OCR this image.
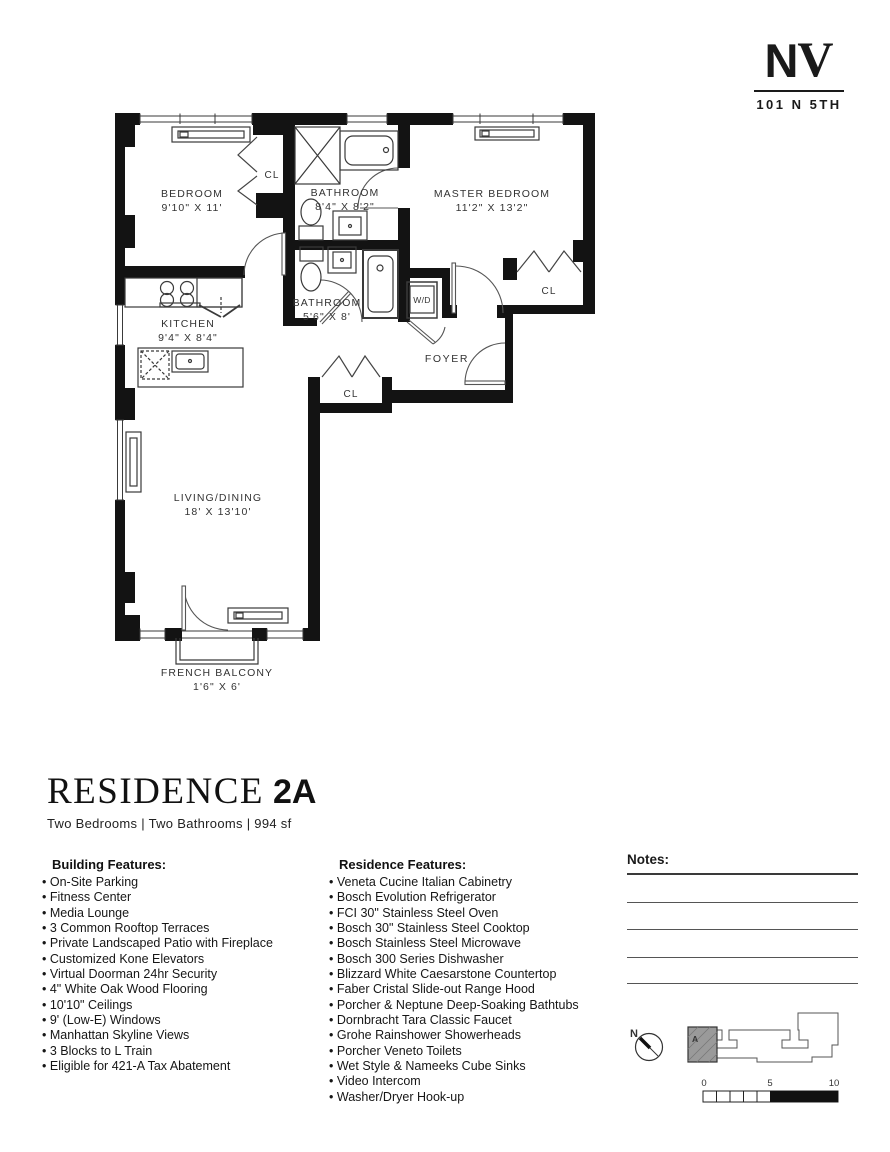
BEDROOM
9'10" X 11'
CL
BATHROOM
8'4" X 8'2"
MASTER BEDROOM
11'2" X 13'2"
CL
KITCHEN
9'4" X 8'4"
BATHROOM
5'6" X 8'
W/D
FOYER
CL
LIVING/DINING
18' X 13'10'
FRENCH BALCONY
1'6" X 6'
N	A
0	5	10
N V
101 N 5TH
RESIDENCE 2A
Two Bedrooms | Two Bathrooms | 994 sf
Building Features:
• On-Site Parking
• Fitness Center
• Media Lounge
• 3 Common Rooftop Terraces
• Private Landscaped Patio with Fireplace
• Customized Kone Elevators
• Virtual Doorman 24hr Security
• 4" White Oak Wood Flooring
• 10'10" Ceilings
• 9' (Low-E) Windows
• Manhattan Skyline Views
• 3 Blocks to L Train
• Eligible for 421-A Tax Abatement
Residence Features:
• Veneta Cucine Italian Cabinetry
• Bosch Evolution Refrigerator
• FCI 30" Stainless Steel Oven
• Bosch 30" Stainless Steel Cooktop
• Bosch Stainless Steel Microwave
• Bosch 300 Series Dishwasher
• Blizzard White Caesarstone Countertop
• Faber Cristal Slide-out Range Hood
• Porcher & Neptune Deep-Soaking Bathtubs
• Dornbracht Tara Classic Faucet
• Grohe Rainshower Showerheads
• Porcher Veneto Toilets
• Wet Style & Nameeks Cube Sinks
• Video Intercom
• Washer/Dryer Hook-up
Notes:
